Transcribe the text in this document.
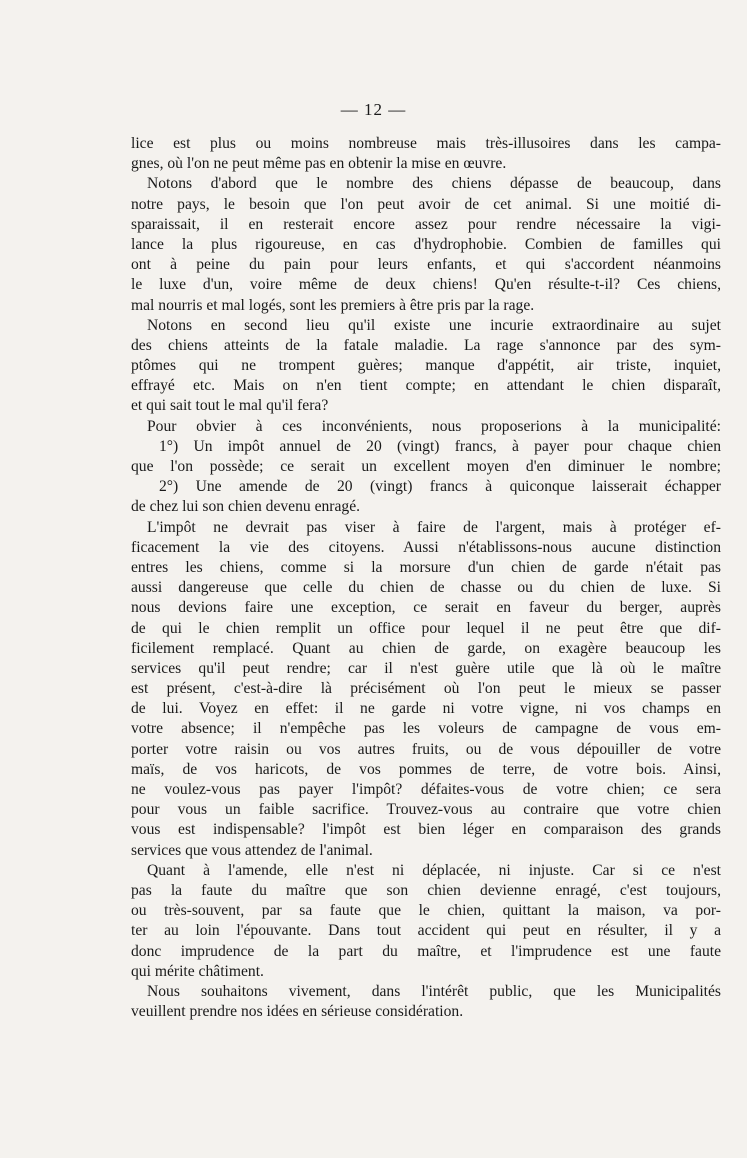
— 12 —
lice est plus ou moins nombreuse mais très-illusoires dans les campa-
gnes, où l'on ne peut même pas en obtenir la mise en œuvre.
Notons d'abord que le nombre des chiens dépasse de beaucoup, dans
notre pays, le besoin que l'on peut avoir de cet animal. Si une moitié di-
sparaissait, il en resterait encore assez pour rendre nécessaire la vigi-
lance la plus rigoureuse, en cas d'hydrophobie. Combien de familles qui
ont à peine du pain pour leurs enfants, et qui s'accordent néanmoins
le luxe d'un, voire même de deux chiens! Qu'en résulte-t-il? Ces chiens,
mal nourris et mal logés, sont les premiers à être pris par la rage.
Notons en second lieu qu'il existe une incurie extraordinaire au sujet
des chiens atteints de la fatale maladie. La rage s'annonce par des sym-
ptômes qui ne trompent guères; manque d'appétit, air triste, inquiet,
effrayé etc. Mais on n'en tient compte; en attendant le chien disparaît,
et qui sait tout le mal qu'il fera?
Pour obvier à ces inconvénients, nous proposerions à la municipalité:
1°) Un impôt annuel de 20 (vingt) francs, à payer pour chaque chien
que l'on possède; ce serait un excellent moyen d'en diminuer le nombre;
2°) Une amende de 20 (vingt) francs à quiconque laisserait échapper
de chez lui son chien devenu enragé.
L'impôt ne devrait pas viser à faire de l'argent, mais à protéger ef-
ficacement la vie des citoyens. Aussi n'établissons-nous aucune distinction
entres les chiens, comme si la morsure d'un chien de garde n'était pas
aussi dangereuse que celle du chien de chasse ou du chien de luxe. Si
nous devions faire une exception, ce serait en faveur du berger, auprès
de qui le chien remplit un office pour lequel il ne peut être que dif-
ficilement remplacé. Quant au chien de garde, on exagère beaucoup les
services qu'il peut rendre; car il n'est guère utile que là où le maître
est présent, c'est-à-dire là précisément où l'on peut le mieux se passer
de lui. Voyez en effet: il ne garde ni votre vigne, ni vos champs en
votre absence; il n'empêche pas les voleurs de campagne de vous em-
porter votre raisin ou vos autres fruits, ou de vous dépouiller de votre
maïs, de vos haricots, de vos pommes de terre, de votre bois. Ainsi,
ne voulez-vous pas payer l'impôt? défaites-vous de votre chien; ce sera
pour vous un faible sacrifice. Trouvez-vous au contraire que votre chien
vous est indispensable? l'impôt est bien léger en comparaison des grands
services que vous attendez de l'animal.
Quant à l'amende, elle n'est ni déplacée, ni injuste. Car si ce n'est
pas la faute du maître que son chien devienne enragé, c'est toujours,
ou très-souvent, par sa faute que le chien, quittant la maison, va por-
ter au loin l'épouvante. Dans tout accident qui peut en résulter, il y a
donc imprudence de la part du maître, et l'imprudence est une faute
qui mérite châtiment.
Nous souhaitons vivement, dans l'intérêt public, que les Municipalités
veuillent prendre nos idées en sérieuse considération.
